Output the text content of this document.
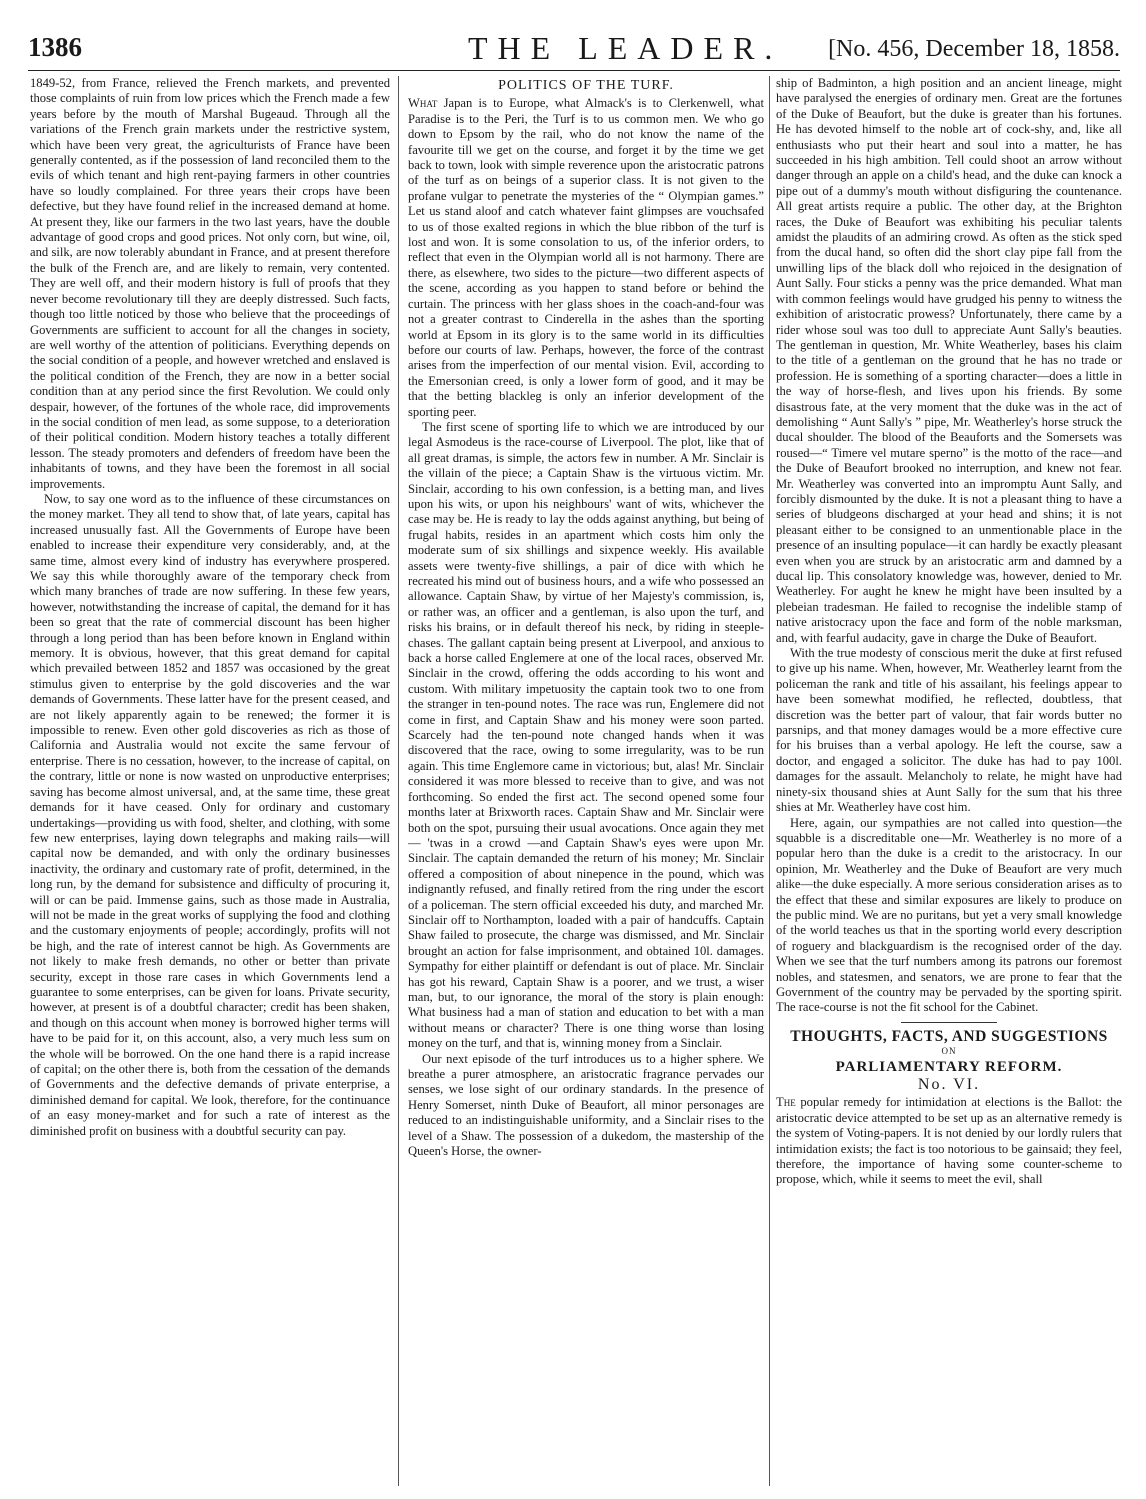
1386	THE LEADER. [No. 456, December 18, 1858.

1849-52, from France, relieved the French markets, and prevented those complaints of ruin from low prices which the French made a few years before by the mouth of Marshal Bugeaud. Through all the variations of the French grain markets under the restrictive system, which have been very great, the agriculturists of France have been generally contented, as if the possession of land reconciled them to the evils of which tenant and high rent-paying farmers in other countries have so loudly complained. For three years their crops have been defective, but they have found relief in the increased demand at home. At present they, like our farmers in the two last years, have the double advantage of good crops and good prices. Not only corn, but wine, oil, and silk, are now tolerably abundant in France, and at present therefore the bulk of the French are, and are likely to remain, very contented. They are well off, and their modern history is full of proofs that they never become revolutionary till they are deeply distressed. Such facts, though too little noticed by those who believe that the proceedings of Governments are sufficient to account for all the changes in society, are well worthy of the attention of politicians. Everything depends on the social condition of a people, and however wretched and enslaved is the political condition of the French, they are now in a better social condition than at any period since the first Revolution. We could only despair, however, of the fortunes of the whole race, did improvements in the social condition of men lead, as some suppose, to a deterioration of their political condition. Modern history teaches a totally different lesson. The steady promoters and defenders of freedom have been the inhabitants of towns, and they have been the foremost in all social improvements.

Now, to say one word as to the influence of these circumstances on the money market. They all tend to show that, of late years, capital has increased unusually fast. All the Governments of Europe have been enabled to increase their expenditure very considerably, and, at the same time, almost every kind of industry has everywhere prospered. We say this while thoroughly aware of the temporary check from which many branches of trade are now suffering. In these few years, however, notwithstanding the increase of capital, the demand for it has been so great that the rate of commercial discount has been higher through a long period than has been before known in England within memory. It is obvious, however, that this great demand for capital which prevailed between 1852 and 1857 was occasioned by the great stimulus given to enterprise by the gold discoveries and the war demands of Governments. These latter have for the present ceased, and are not likely apparently again to be renewed; the former it is impossible to renew. Even other gold discoveries as rich as those of California and Australia would not excite the same fervour of enterprise. There is no cessation, however, to the increase of capital, on the contrary, little or none is now wasted on unproductive enterprises; saving has become almost universal, and, at the same time, these great demands for it have ceased. Only for ordinary and customary undertakings—providing us with food, shelter, and clothing, with some few new enterprises, laying down telegraphs and making rails—will capital now be demanded, and with only the ordinary businesses inactivity, the ordinary and customary rate of profit, determined, in the long run, by the demand for subsistence and difficulty of procuring it, will or can be paid. Immense gains, such as those made in Australia, will not be made in the great works of supplying the food and clothing and the customary enjoyments of people; accordingly, profits will not be high, and the rate of interest cannot be high. As Governments are not likely to make fresh demands, no other or better than private security, except in those rare cases in which Governments lend a guarantee to some enterprises, can be given for loans. Private security, however, at present is of a doubtful character; credit has been shaken, and though on this account when money is borrowed higher terms will have to be paid for it, on this account, also, a very much less sum on the whole will be borrowed. On the one hand there is a rapid increase of capital; on the other there is, both from the cessation of the demands of Governments and the defective demands of private enterprise, a diminished demand for capital. We look, therefore, for the continuance of an easy money-market and for such a rate of interest as the diminished profit on business with a doubtful security can pay.

POLITICS OF THE TURF.

What Japan is to Europe, what Almack's is to Clerkenwell, what Paradise is to the Peri, the Turf is to us common men. We who go down to Epsom by the rail, who do not know the name of the favourite till we get on the course, and forget it by the time we get back to town, look with simple reverence upon the aristocratic patrons of the turf as on beings of a superior class. It is not given to the profane vulgar to penetrate the mysteries of the “ Olympian games.” Let us stand aloof and catch whatever faint glimpses are vouchsafed to us of those exalted regions in which the blue ribbon of the turf is lost and won. It is some consolation to us, of the inferior orders, to reflect that even in the Olympian world all is not harmony. There are there, as elsewhere, two sides to the picture—two different aspects of the scene, according as you happen to stand before or behind the curtain. The princess with her glass shoes in the coach-and-four was not a greater contrast to Cinderella in the ashes than the sporting world at Epsom in its glory is to the same world in its difficulties before our courts of law. Perhaps, however, the force of the contrast arises from the imperfection of our mental vision. Evil, according to the Emersonian creed, is only a lower form of good, and it may be that the betting blackleg is only an inferior development of the sporting peer.

The first scene of sporting life to which we are introduced by our legal Asmodeus is the race-course of Liverpool. The plot, like that of all great dramas, is simple, the actors few in number. A Mr. Sinclair is the villain of the piece; a Captain Shaw is the virtuous victim. Mr. Sinclair, according to his own confession, is a betting man, and lives upon his wits, or upon his neighbours' want of wits, whichever the case may be. He is ready to lay the odds against anything, but being of frugal habits, resides in an apartment which costs him only the moderate sum of six shillings and sixpence weekly. His available assets were twenty-five shillings, a pair of dice with which he recreated his mind out of business hours, and a wife who possessed an allowance. Captain Shaw, by virtue of her Majesty's commission, is, or rather was, an officer and a gentleman, is also upon the turf, and risks his brains, or in default thereof his neck, by riding in steeple-chases. The gallant captain being present at Liverpool, and anxious to back a horse called Englemere at one of the local races, observed Mr. Sinclair in the crowd, offering the odds according to his wont and custom. With military impetuosity the captain took two to one from the stranger in ten-pound notes. The race was run, Englemere did not come in first, and Captain Shaw and his money were soon parted. Scarcely had the ten-pound note changed hands when it was discovered that the race, owing to some irregularity, was to be run again. This time Englemore came in victorious; but, alas! Mr. Sinclair considered it was more blessed to receive than to give, and was not forthcoming. So ended the first act. The second opened some four months later at Brixworth races. Captain Shaw and Mr. Sinclair were both on the spot, pursuing their usual avocations. Once again they met — 'twas in a crowd —and Captain Shaw's eyes were upon Mr. Sinclair. The captain demanded the return of his money; Mr. Sinclair offered a composition of about ninepence in the pound, which was indignantly refused, and finally retired from the ring under the escort of a policeman. The stern official exceeded his duty, and marched Mr. Sinclair off to Northampton, loaded with a pair of handcuffs. Captain Shaw failed to prosecute, the charge was dismissed, and Mr. Sinclair brought an action for false imprisonment, and obtained 10l. damages. Sympathy for either plaintiff or defendant is out of place. Mr. Sinclair has got his reward, Captain Shaw is a poorer, and we trust, a wiser man, but, to our ignorance, the moral of the story is plain enough: What business had a man of station and education to bet with a man without means or character? There is one thing worse than losing money on the turf, and that is, winning money from a Sinclair.

Our next episode of the turf introduces us to a higher sphere. We breathe a purer atmosphere, an aristocratic fragrance pervades our senses, we lose sight of our ordinary standards. In the presence of Henry Somerset, ninth Duke of Beaufort, all minor personages are reduced to an indistinguishable uniformity, and a Sinclair rises to the level of a Shaw. The possession of a dukedom, the mastership of the Queen's Horse, the owner-

ship of Badminton, a high position and an ancient lineage, might have paralysed the energies of ordinary men. Great are the fortunes of the Duke of Beaufort, but the duke is greater than his fortunes. He has devoted himself to the noble art of cock-shy, and, like all enthusiasts who put their heart and soul into a matter, he has succeeded in his high ambition. Tell could shoot an arrow without danger through an apple on a child's head, and the duke can knock a pipe out of a dummy's mouth without disfiguring the countenance. All great artists require a public. The other day, at the Brighton races, the Duke of Beaufort was exhibiting his peculiar talents amidst the plaudits of an admiring crowd. As often as the stick sped from the ducal hand, so often did the short clay pipe fall from the unwilling lips of the black doll who rejoiced in the designation of Aunt Sally. Four sticks a penny was the price demanded. What man with common feelings would have grudged his penny to witness the exhibition of aristocratic prowess? Unfortunately, there came by a rider whose soul was too dull to appreciate Aunt Sally's beauties. The gentleman in question, Mr. White Weatherley, bases his claim to the title of a gentleman on the ground that he has no trade or profession. He is something of a sporting character—does a little in the way of horse-flesh, and lives upon his friends. By some disastrous fate, at the very moment that the duke was in the act of demolishing “ Aunt Sally's ” pipe, Mr. Weatherley's horse struck the ducal shoulder. The blood of the Beauforts and the Somersets was roused—“ Timere vel mutare sperno” is the motto of the race—and the Duke of Beaufort brooked no interruption, and knew not fear. Mr. Weatherley was converted into an impromptu Aunt Sally, and forcibly dismounted by the duke. It is not a pleasant thing to have a series of bludgeons discharged at your head and shins; it is not pleasant either to be consigned to an unmentionable place in the presence of an insulting populace—it can hardly be exactly pleasant even when you are struck by an aristocratic arm and damned by a ducal lip. This consolatory knowledge was, however, denied to Mr. Weatherley. For aught he knew he might have been insulted by a plebeian tradesman. He failed to recognise the indelible stamp of native aristocracy upon the face and form of the noble marksman, and, with fearful audacity, gave in charge the Duke of Beaufort.

With the true modesty of conscious merit the duke at first refused to give up his name. When, however, Mr. Weatherley learnt from the policeman the rank and title of his assailant, his feelings appear to have been somewhat modified, he reflected, doubtless, that discretion was the better part of valour, that fair words butter no parsnips, and that money damages would be a more effective cure for his bruises than a verbal apology. He left the course, saw a doctor, and engaged a solicitor. The duke has had to pay 100l. damages for the assault. Melancholy to relate, he might have had ninety-six thousand shies at Aunt Sally for the sum that his three shies at Mr. Weatherley have cost him.

Here, again, our sympathies are not called into question—the squabble is a discreditable one—Mr. Weatherley is no more of a popular hero than the duke is a credit to the aristocracy. In our opinion, Mr. Weatherley and the Duke of Beaufort are very much alike—the duke especially. A more serious consideration arises as to the effect that these and similar exposures are likely to produce on the public mind. We are no puritans, but yet a very small knowledge of the world teaches us that in the sporting world every description of roguery and blackguardism is the recognised order of the day. When we see that the turf numbers among its patrons our foremost nobles, and statesmen, and senators, we are prone to fear that the Government of the country may be pervaded by the sporting spirit. The race-course is not the fit school for the Cabinet.

THOUGHTS, FACTS, AND SUGGESTIONS
ON
PARLIAMENTARY REFORM.
No. VI.

The popular remedy for intimidation at elections is the Ballot: the aristocratic device attempted to be set up as an alternative remedy is the system of Voting-papers. It is not denied by our lordly rulers that intimidation exists; the fact is too notorious to be gainsaid; they feel, therefore, the importance of having some counter-scheme to propose, which, while it seems to meet the evil, shall
